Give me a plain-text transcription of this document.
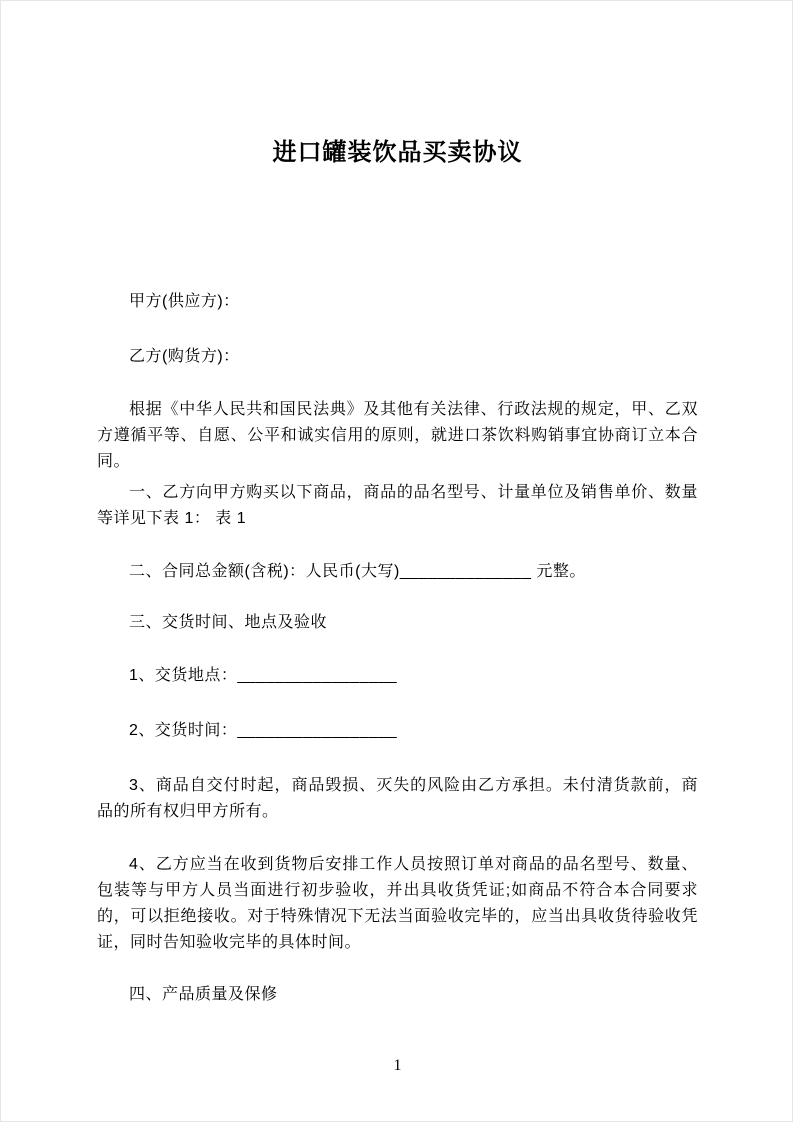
进口罐装饮品买卖协议

甲方(供应方)：

乙方(购货方)：

根据《中华人民共和国民法典》及其他有关法律、行政法规的规定，甲、乙双方遵循平等、自愿、公平和诚实信用的原则，就进口茶饮料购销事宜协商订立本合同。

一、乙方向甲方购买以下商品，商品的品名型号、计量单位及销售单价、数量等详见下表 1： 表 1

二、合同总金额(含税)：人民币(大写)______________ 元整。

三、交货时间、地点及验收

1、交货地点：_________________

2、交货时间：_________________

3、商品自交付时起，商品毁损、灭失的风险由乙方承担。未付清货款前，商品的所有权归甲方所有。

4、乙方应当在收到货物后安排工作人员按照订单对商品的品名型号、数量、包装等与甲方人员当面进行初步验收，并出具收货凭证;如商品不符合本合同要求的，可以拒绝接收。对于特殊情况下无法当面验收完毕的，应当出具收货待验收凭证，同时告知验收完毕的具体时间。

四、产品质量及保修

1
